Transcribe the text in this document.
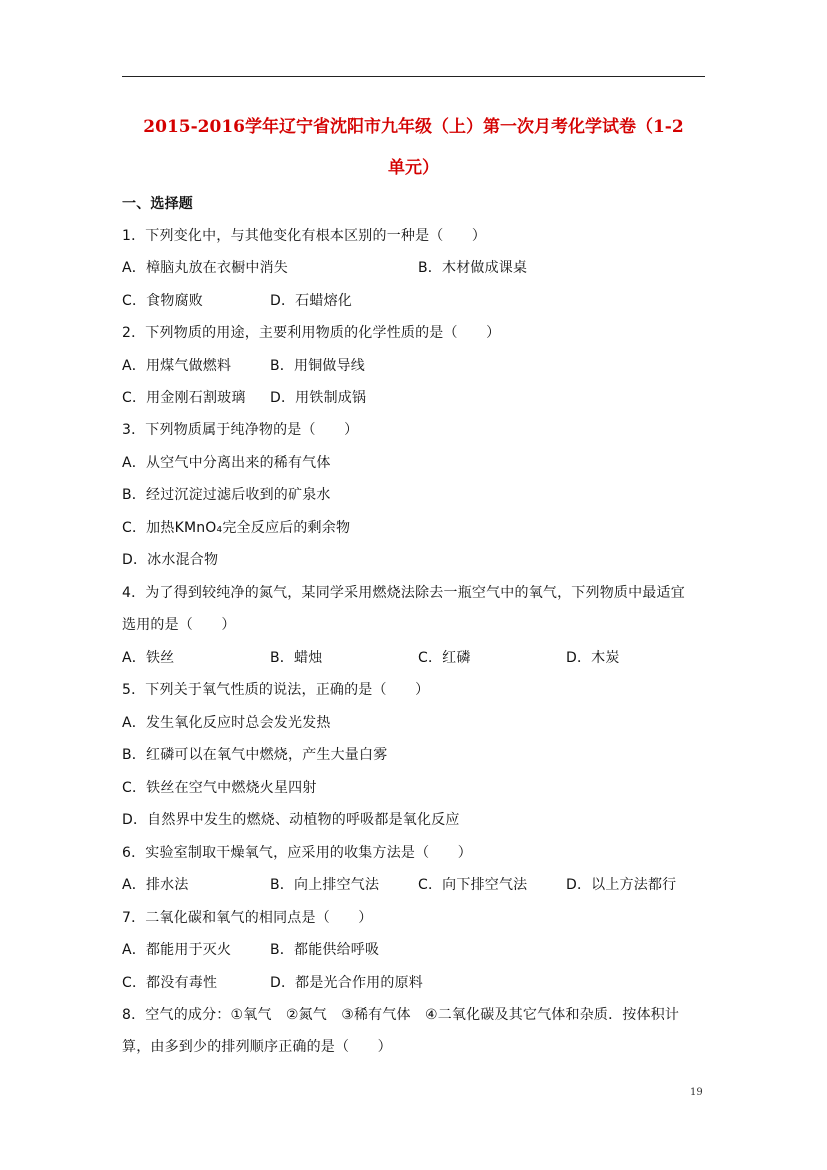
2015-2016学年辽宁省沈阳市九年级（上）第一次月考化学试卷（1-2
单元）
一、选择题
1．下列变化中，与其他变化有根本区别的一种是（　　）
A．樟脑丸放在衣橱中消失	B．木材做成课桌
C．食物腐败	D．石蜡熔化
2．下列物质的用途，主要利用物质的化学性质的是（　　）
A．用煤气做燃料	B．用铜做导线
C．用金刚石割玻璃 D．用铁制成锅
3．下列物质属于纯净物的是（　　）
A．从空气中分离出来的稀有气体
B．经过沉淀过滤后收到的矿泉水
C．加热KMnO₄完全反应后的剩余物
D．冰水混合物
4．为了得到较纯净的氮气，某同学采用燃烧法除去一瓶空气中的氧气，下列物质中最适宜
选用的是（　　）
A．铁丝	B．蜡烛	C．红磷	D．木炭
5．下列关于氧气性质的说法，正确的是（　　）
A．发生氧化反应时总会发光发热
B．红磷可以在氧气中燃烧，产生大量白雾
C．铁丝在空气中燃烧火星四射
D．自然界中发生的燃烧、动植物的呼吸都是氧化反应
6．实验室制取干燥氧气，应采用的收集方法是（　　）
A．排水法	B．向上排空气法	C．向下排空气法	D．以上方法都行
7．二氧化碳和氧气的相同点是（　　）
A．都能用于灭火	B．都能供给呼吸
C．都没有毒性	D．都是光合作用的原料
8．空气的成分：①氧气　②氮气　③稀有气体　④二氧化碳及其它气体和杂质．按体积计
算，由多到少的排列顺序正确的是（　　）
19
